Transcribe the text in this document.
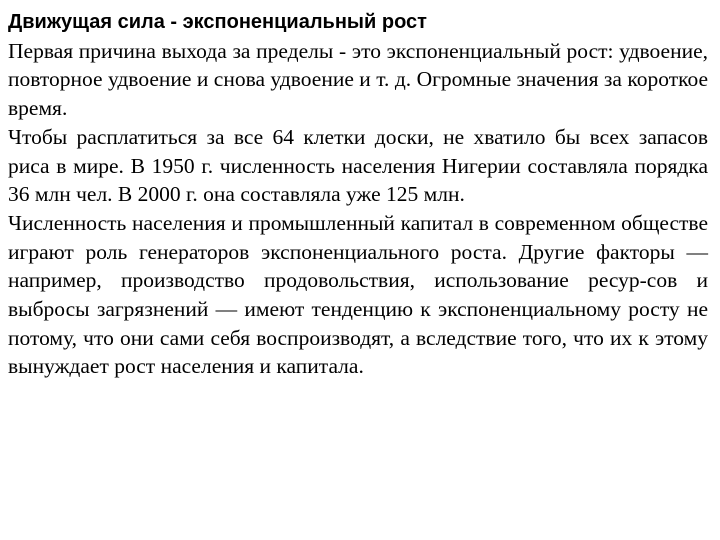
Движущая сила - экспоненциальный рост

Первая причина выхода за пределы - это экспоненциальный рост: удвоение, повторное удвоение и снова удвоение и т. д. Огромные значения за короткое время.

Чтобы расплатиться за все 64 клетки доски, не хватило бы всех запасов риса в мире. В 1950 г. численность населения Нигерии составляла порядка 36 млн чел. В 2000 г. она составляла уже 125 млн.

Численность населения и промышленный капитал в современном обществе играют роль генераторов экспоненциального роста. Другие факторы — например, производство продовольствия, использование ресур-сов и выбросы загрязнений — имеют тенденцию к экспоненциальному росту не потому, что они сами себя воспроизводят, а вследствие того, что их к этому вынуждает рост населения и капитала.
